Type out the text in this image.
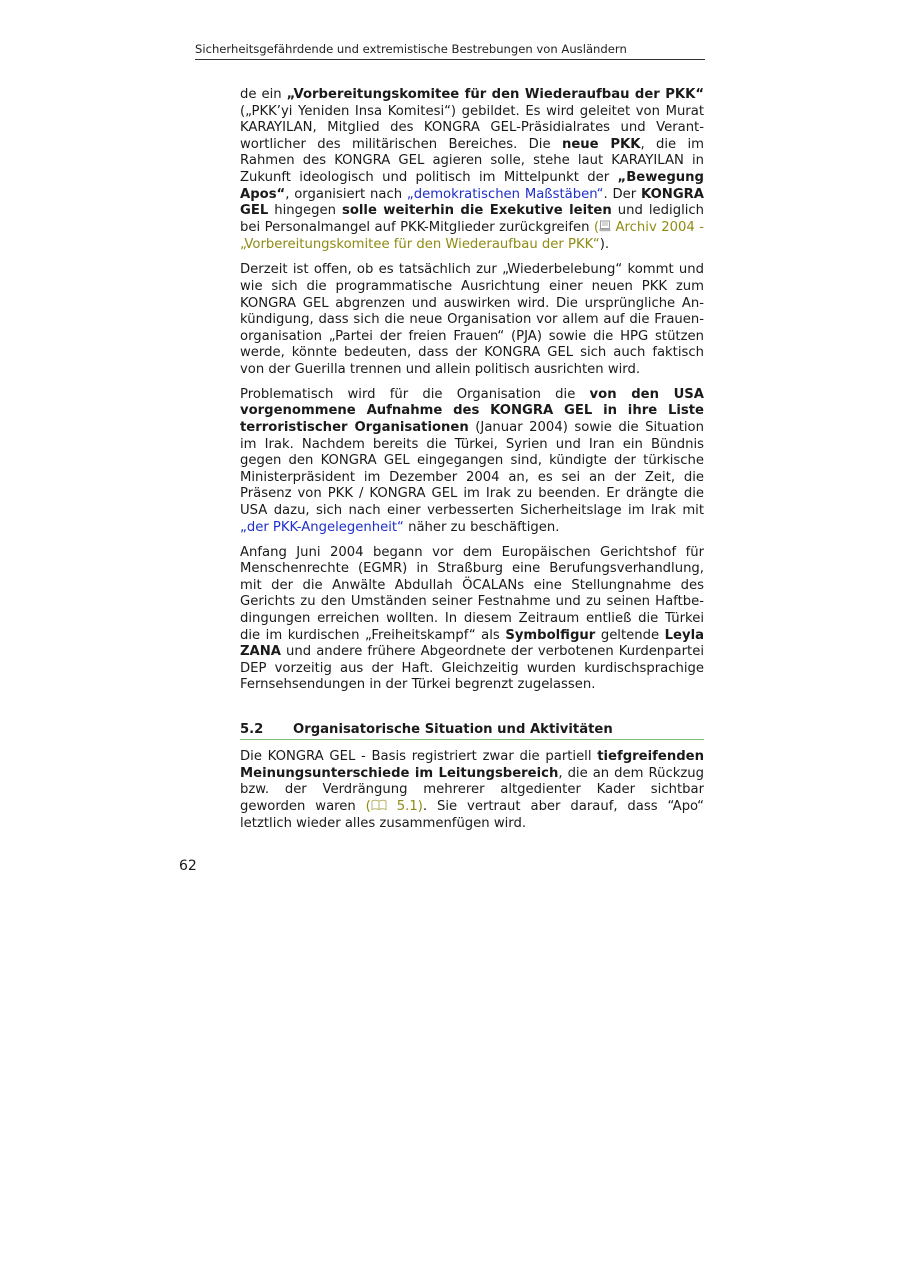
Sicherheitsgefährdende und extremistische Bestrebungen von Ausländern

de ein „Vorbereitungskomitee für den Wiederaufbau der PKK“ („PKK’yi Yeniden Insa Komitesi“) gebildet. Es wird geleitet von Murat KARAYILAN, Mitglied des KONGRA GEL-Präsidialrates und Verantwortlicher des militärischen Bereiches. Die neue PKK, die im Rahmen des KONGRA GEL agieren solle, stehe laut KARAYILAN in Zukunft ideologisch und politisch im Mittelpunkt der „Bewegung Apos“, organisiert nach „demokratischen Maßstäben“. Der KONGRA GEL hingegen solle weiterhin die Exekutive leiten und lediglich bei Personalmangel auf PKK-Mitglieder zurückgreifen ( Archiv 2004 - „Vorbereitungskomitee für den Wiederaufbau der PKK“).

Derzeit ist offen, ob es tatsächlich zur „Wiederbelebung“ kommt und wie sich die programmatische Ausrichtung einer neuen PKK zum KONGRA GEL abgrenzen und auswirken wird. Die ursprüngliche Ankündigung, dass sich die neue Organisation vor allem auf die Frauenorganisation „Partei der freien Frauen“ (PJA) sowie die HPG stützen werde, könnte bedeuten, dass der KONGRA GEL sich auch faktisch von der Guerilla trennen und allein politisch ausrichten wird.

Problematisch wird für die Organisation die von den USA vorgenommene Aufnahme des KONGRA GEL in ihre Liste terroristischer Organisationen (Januar 2004) sowie die Situation im Irak. Nachdem bereits die Türkei, Syrien und Iran ein Bündnis gegen den KONGRA GEL eingegangen sind, kündigte der türkische Ministerpräsident im Dezember 2004 an, es sei an der Zeit, die Präsenz von PKK / KONGRA GEL im Irak zu beenden. Er drängte die USA dazu, sich nach einer verbesserten Sicherheitslage im Irak mit „der PKK-Angelegenheit“ näher zu beschäftigen.

Anfang Juni 2004 begann vor dem Europäischen Gerichtshof für Menschenrechte (EGMR) in Straßburg eine Berufungsverhandlung, mit der die Anwälte Abdullah ÖCALANs eine Stellungnahme des Gerichts zu den Umständen seiner Festnahme und zu seinen Haftbedingungen erreichen wollten. In diesem Zeitraum entließ die Türkei die im kurdischen „Freiheitskampf“ als Symbolfigur geltende Leyla ZANA und andere frühere Abgeordnete der verbotenen Kurdenpartei DEP vorzeitig aus der Haft. Gleichzeitig wurden kurdischsprachige Fernsehsendungen in der Türkei begrenzt zugelassen.

5.2 Organisatorische Situation und Aktivitäten

Die KONGRA GEL - Basis registriert zwar die partiell tiefgreifenden Meinungsunterschiede im Leitungsbereich, die an dem Rückzug bzw. der Verdrängung mehrerer altgedienter Kader sichtbar geworden waren ( 5.1). Sie vertraut aber darauf, dass “Apo“ letztlich wieder alles zusammenfügen wird.

62
